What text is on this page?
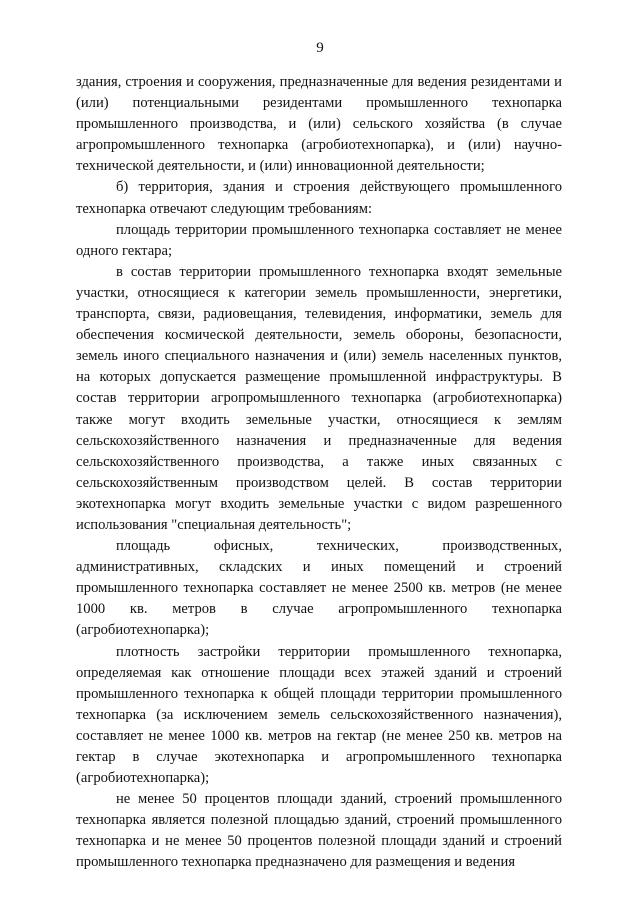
9

здания, строения и сооружения, предназначенные для ведения резидентами и (или) потенциальными резидентами промышленного технопарка промышленного производства, и (или) сельского хозяйства (в случае агропромышленного технопарка (агробиотехнопарка), и (или) научно-технической деятельности, и (или) инновационной деятельности;

б) территория, здания и строения действующего промышленного технопарка отвечают следующим требованиям:

площадь территории промышленного технопарка составляет не менее одного гектара;

в состав территории промышленного технопарка входят земельные участки, относящиеся к категории земель промышленности, энергетики, транспорта, связи, радиовещания, телевидения, информатики, земель для обеспечения космической деятельности, земель обороны, безопасности, земель иного специального назначения и (или) земель населенных пунктов, на которых допускается размещение промышленной инфраструктуры. В состав территории агропромышленного технопарка (агробиотехнопарка) также могут входить земельные участки, относящиеся к землям сельскохозяйственного назначения и предназначенные для ведения сельскохозяйственного производства, а также иных связанных с сельскохозяйственным производством целей. В состав территории экотехнопарка могут входить земельные участки с видом разрешенного использования "специальная деятельность";

площадь офисных, технических, производственных, административных, складских и иных помещений и строений промышленного технопарка составляет не менее 2500 кв. метров (не менее 1000 кв. метров в случае агропромышленного технопарка (агробиотехнопарка);

плотность застройки территории промышленного технопарка, определяемая как отношение площади всех этажей зданий и строений промышленного технопарка к общей площади территории промышленного технопарка (за исключением земель сельскохозяйственного назначения), составляет не менее 1000 кв. метров на гектар (не менее 250 кв. метров на гектар в случае экотехнопарка и агропромышленного технопарка (агробиотехнопарка);

не менее 50 процентов площади зданий, строений промышленного технопарка является полезной площадью зданий, строений промышленного технопарка и не менее 50 процентов полезной площади зданий и строений промышленного технопарка предназначено для размещения и ведения
